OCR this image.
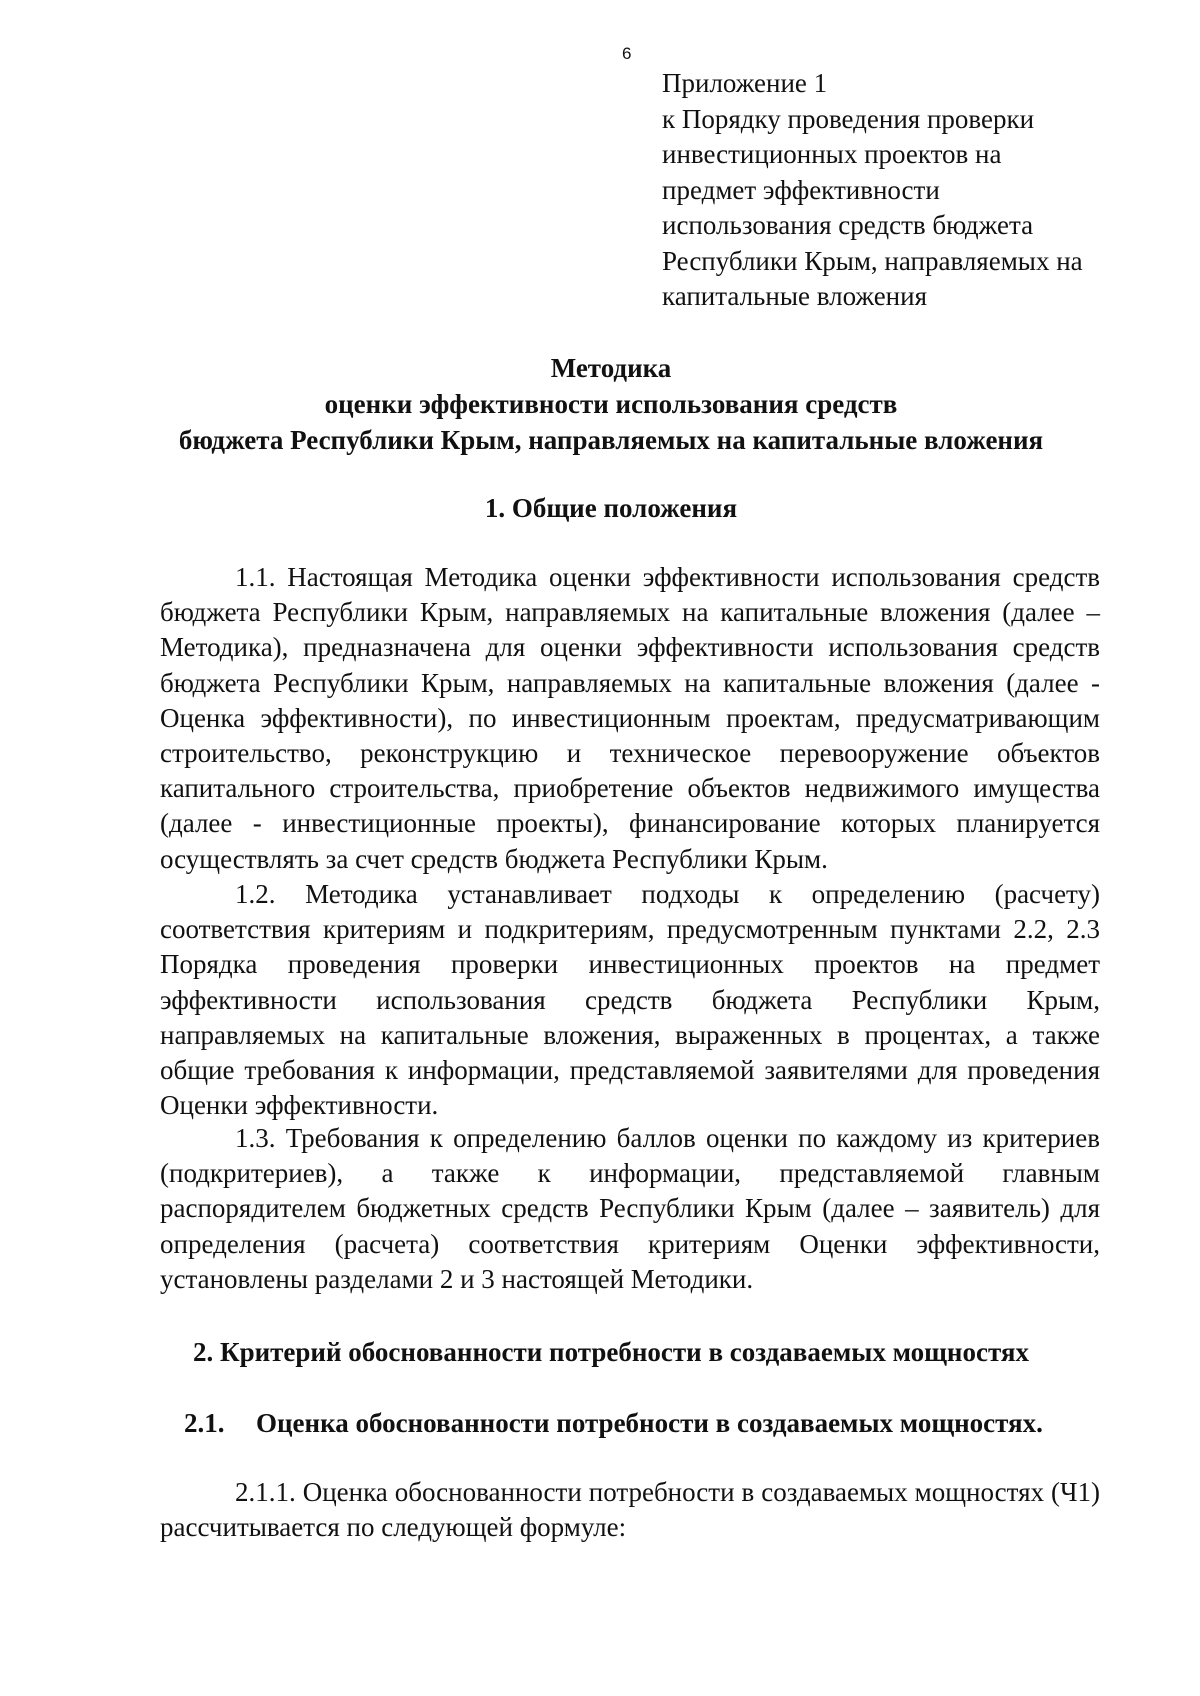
6
Приложение 1
к Порядку проведения проверки
инвестиционных проектов на
предмет эффективности
использования средств бюджета
Республики Крым, направляемых на
капитальные вложения
Методика
оценки эффективности использования средств
бюджета Республики Крым, направляемых на капитальные вложения
1. Общие положения

1.1. Настоящая Методика оценки эффективности использования средств бюджета Республики Крым, направляемых на капитальные вложения (далее – Методика), предназначена для оценки эффективности использования средств бюджета Республики Крым, направляемых на капитальные вложения (далее - Оценка эффективности), по инвестиционным проектам, предусматривающим строительство, реконструкцию и техническое перевооружение объектов капитального строительства, приобретение объектов недвижимого имущества (далее - инвестиционные проекты), финансирование которых планируется осуществлять за счет средств бюджета Республики Крым.

1.2. Методика устанавливает подходы к определению (расчету) соответствия критериям и подкритериям, предусмотренным пунктами 2.2, 2.3 Порядка проведения проверки инвестиционных проектов на предмет эффективности использования средств бюджета Республики Крым, направляемых на капитальные вложения, выраженных в процентах, а также общие требования к информации, представляемой заявителями для проведения Оценки эффективности.

1.3. Требования к определению баллов оценки по каждому из критериев (подкритериев), а также к информации, представляемой главным распорядителем бюджетных средств Республики Крым (далее – заявитель) для определения (расчета) соответствия критериям Оценки эффективности, установлены разделами 2 и 3 настоящей Методики.

2. Критерий обоснованности потребности в создаваемых мощностях
2.1. Оценка обоснованности потребности в создаваемых мощностях.

2.1.1. Оценка обоснованности потребности в создаваемых мощностях (Ч1) рассчитывается по следующей формуле:
